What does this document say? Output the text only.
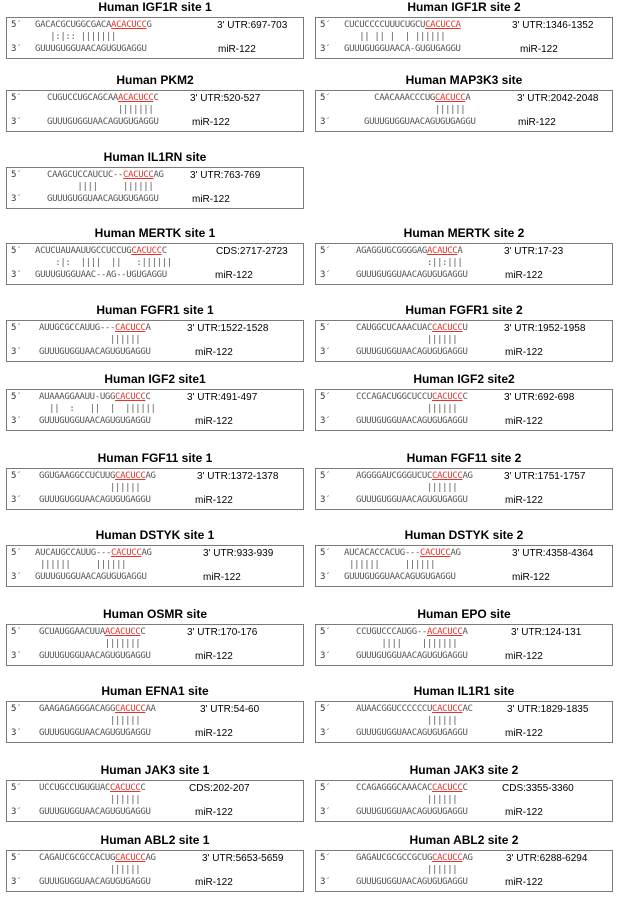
Human IGF1R site 1
5′
3′
GACACGCUGGCGACAACACUCCG
|:|:: |||||||
GUUUGUGGUAACAGUGUGAGGU
3' UTR:697-703
miR-122
Human IGF1R site 2
5′
3′
CUCUCCCCUUUCUGCUCACUCCA
|| || |  | ||||||
GUUUGUGGUAACA-GUGUGAGGU
3' UTR:1346-1352
miR-122
Human PKM2
5′
3′
CUGUCCUGCAGCAAACACUCCC
|||||||
GUUUGUGGUAACAGUGUGAGGU
3' UTR:520-527
miR-122
Human MAP3K3 site
5′
3′
CAACAAACCCUGCACUCCA
||||||
GUUUGUGGUAACAGUGUGAGGU
3' UTR:2042-2048
miR-122
Human IL1RN site
5′
3′
CAAGCUCCAUCUC--CACUCCAG
||||     ||||||
GUUUGUGGUAACAGUGUGAGGU
3' UTR:763-769
miR-122
Human MERTK site 1
5′
3′
ACUCUAUAAUUGCCUCCUGCACUCCC
:|:  ||||  ||   :||||||
GUUUGUGGUAAC--AG--UGUGAGGU
CDS:2717-2723
miR-122
Human MERTK site 2
5′
3′
AGAGGUGCGGGGAGACAUCCA
:||:|||
GUUUGUGGUAACAGUGUGAGGU
3' UTR:17-23
miR-122
Human FGFR1 site 1
5′
3′
AUUGCGCCAUUG---CACUCCA
||||||
GUUUGUGGUAACAGUGUGAGGU
3' UTR:1522-1528
miR-122
Human FGFR1 site 2
5′
3′
CAUGGCUCAAACUACCACUCCU
||||||
GUUUGUGGUAACAGUGUGAGGU
3' UTR:1952-1958
miR-122
Human IGF2 site1
5′
3′
AUAAAGGAAUU-UGGCACUCCC
||  :   ||  |  ||||||
GUUUGUGGUAACAGUGUGAGGU
3' UTR:491-497
miR-122
Human IGF2 site2
5′
3′
CCCAGACUGGCUCCUCACUCCC
||||||
GUUUGUGGUAACAGUGUGAGGU
3' UTR:692-698
miR-122
Human FGF11 site 1
5′
3′
GGUGAAGGCCUCUUGCACUCCAG
||||||
GUUUGUGGUAACAGUGUGAGGU
3' UTR:1372-1378
miR-122
Human FGF11 site 2
5′
3′
AGGGGAUCGGGUCUCCACUCCAG
||||||
GUUUGUGGUAACAGUGUGAGGU
3' UTR:1751-1757
miR-122
Human DSTYK site 1
5′
3′
AUCAUGCCAUUG---CACUCCAG
||||||     ||||||
GUUUGUGGUAACAGUGUGAGGU
3' UTR:933-939
miR-122
Human DSTYK site 2
5′
3′
AUCACACCACUG---CACUCCAG
||||||     ||||||
GUUUGUGGUAACAGUGUGAGGU
3' UTR:4358-4364
miR-122
Human OSMR site
5′
3′
GCUAUGGAACUUAACACUCCC
|||||||
GUUUGUGGUAACAGUGUGAGGU
3' UTR:170-176
miR-122
Human EPO site
5′
3′
CCUGUCCCAUGG--ACACUCCA
||||    |||||||
GUUUGUGGUAACAGUGUGAGGU
3' UTR:124-131
miR-122
Human EFNA1 site
5′
3′
GAAGAGAGGGACAGGCACUCCAA
||||||
GUUUGUGGUAACAGUGUGAGGU
3' UTR:54-60
miR-122
Human IL1R1 site
5′
3′
AUAACGGUCCCCCCUCACUCCAC
||||||
GUUUGUGGUAACAGUGUGAGGU
3' UTR:1829-1835
miR-122
Human JAK3 site 1
5′
3′
UCCUGCCUGUGUACCACUCCC
||||||
GUUUGUGGUAACAGUGUGAGGU
CDS:202-207
miR-122
Human JAK3 site 2
5′
3′
CCAGAGGGCAAACACCACUCCC
||||||
GUUUGUGGUAACAGUGUGAGGU
CDS:3355-3360
miR-122
Human ABL2 site 1
5′
3′
CAGAUCGCGCCACUGCACUCCAG
||||||
GUUUGUGGUAACAGUGUGAGGU
3' UTR:5653-5659
miR-122
Human ABL2 site 2
5′
3′
GAGAUCGCGCCGCUGCACUCCAG
||||||
GUUUGUGGUAACAGUGUGAGGU
3' UTR:6288-6294
miR-122
